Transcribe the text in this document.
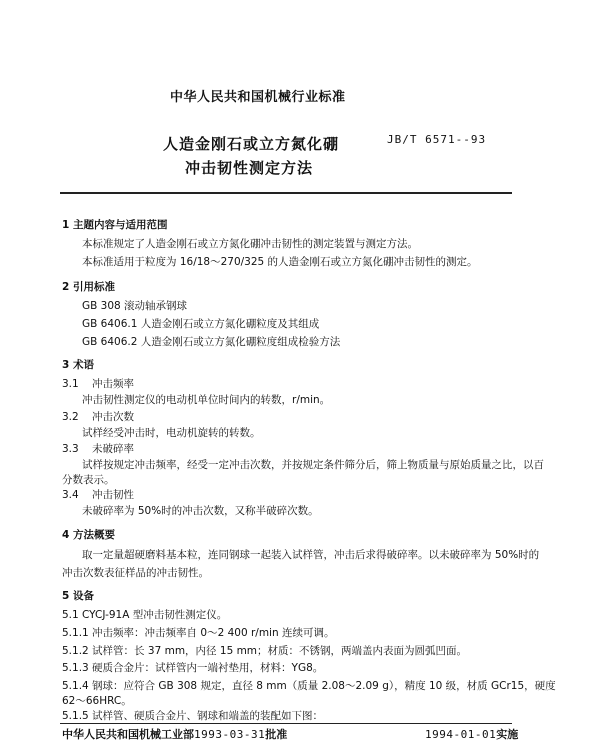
中华人民共和国机械行业标准
人造金刚石或立方氮化硼
冲击韧性测定方法
JB/T 6571--93
1 主题内容与适用范围
本标准规定了人造金刚石或立方氮化硼冲击韧性的测定装置与测定方法。
本标准适用于粒度为 16/18～270/325 的人造金刚石或立方氮化硼冲击韧性的测定。
2 引用标准
GB 308 滚动轴承钢球
GB 6406.1 人造金刚石或立方氮化硼粒度及其组成
GB 6406.2 人造金刚石或立方氮化硼粒度组成检验方法
3 术语
3.1 冲击频率
冲击韧性测定仪的电动机单位时间内的转数，r/min。
3.2 冲击次数
试样经受冲击时，电动机旋转的转数。
3.3 未破碎率
试样按规定冲击频率，经受一定冲击次数，并按规定条件筛分后，筛上物质量与原始质量之比，以百
分数表示。
3.4 冲击韧性
未破碎率为 50%时的冲击次数，又称半破碎次数。
4 方法概要
取一定量超硬磨料基本粒，连同钢球一起装入试样管，冲击后求得破碎率。以未破碎率为 50%时的
冲击次数表征样品的冲击韧性。
5 设备
5.1 CYCJ-91A 型冲击韧性测定仪。
5.1.1 冲击频率：冲击频率自 0～2 400 r/min 连续可调。
5.1.2 试样管：长 37 mm，内径 15 mm；材质：不锈钢，两端盖内表面为圆弧凹面。
5.1.3 硬质合金片：试样管内一端衬垫用，材料：YG8。
5.1.4 钢球：应符合 GB 308 规定，直径 8 mm（质量 2.08～2.09 g），精度 10 级，材质 GCr15，硬度
62～66HRC。
5.1.5 试样管、硬质合金片、钢球和端盖的装配如下图：
中华人民共和国机械工业部1993-03-31批准	1994-01-01实施
